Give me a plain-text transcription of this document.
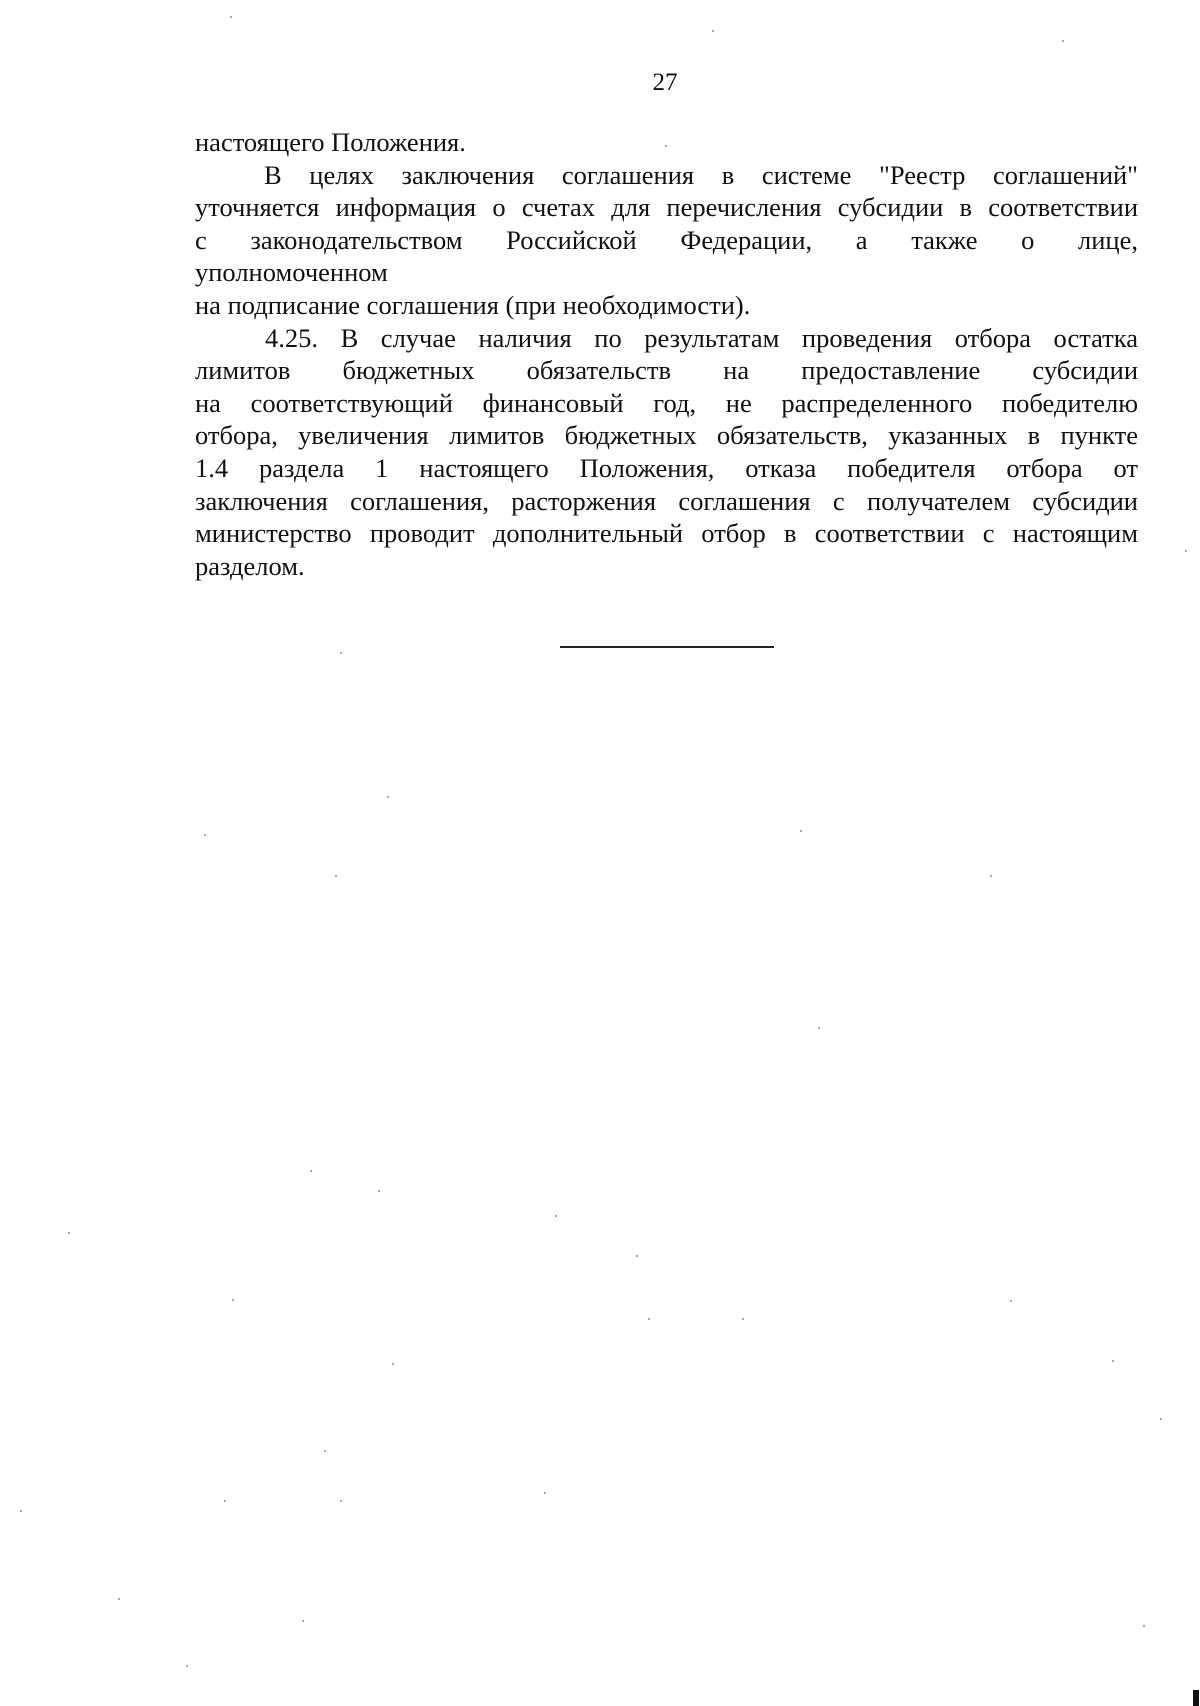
27
настоящего Положения.
В целях заключения соглашения в системе "Реестр соглашений"
уточняется информация о счетах для перечисления субсидии в соответствии
с законодательством Российской Федерации, а также о лице,
уполномоченном
на подписание соглашения (при необходимости).
4.25. В случае наличия по результатам проведения отбора остатка
лимитов бюджетных обязательств на предоставление субсидии
на соответствующий финансовый год, не распределенного победителю
отбора, увеличения лимитов бюджетных обязательств, указанных в пункте
1.4 раздела 1 настоящего Положения, отказа победителя отбора от
заключения соглашения, расторжения соглашения с получателем субсидии
министерство проводит дополнительный отбор в соответствии с настоящим
разделом.
